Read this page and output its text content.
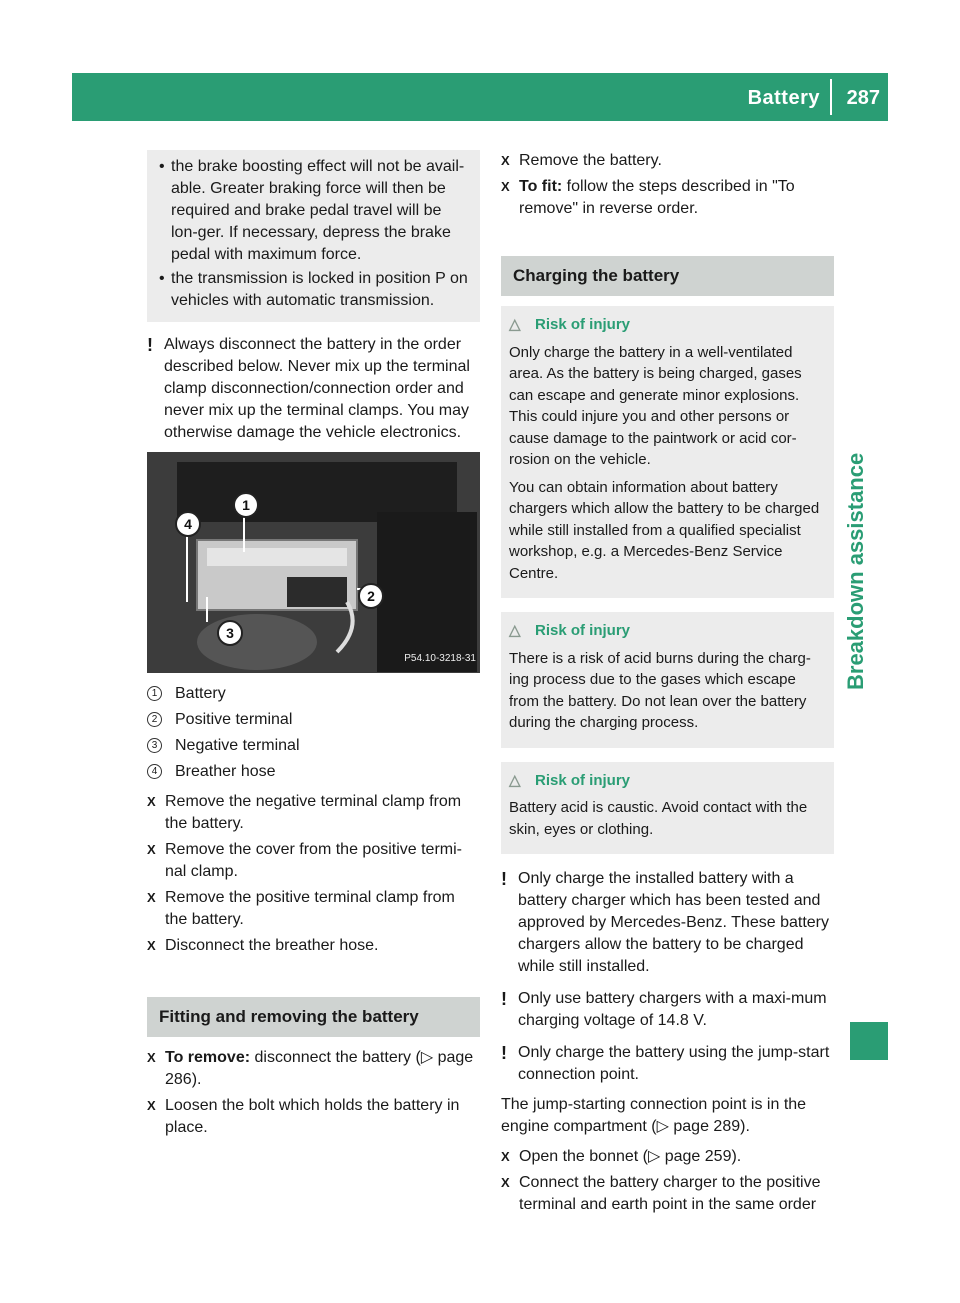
Battery 287
Breakdown assistance
• the brake boosting effect will not be avail-able. Greater braking force will then be required and brake pedal travel will be lon-ger. If necessary, depress the brake pedal with maximum force.
• the transmission is locked in position P on vehicles with automatic transmission.
! Always disconnect the battery in the order described below. Never mix up the terminal clamp disconnection/connection order and never mix up the terminal clamps. You may otherwise damage the vehicle electronics.
1
2
3
4
P54.10-3218-31
1 Battery
2 Positive terminal
3 Negative terminal
4 Breather hose
X Remove the negative terminal clamp from the battery.
X Remove the cover from the positive termi-nal clamp.
X Remove the positive terminal clamp from the battery.
X Disconnect the breather hose.
Fitting and removing the battery
X To remove: disconnect the battery (▷ page 286).
X Loosen the bolt which holds the battery in place.
X Remove the battery.
X To fit: follow the steps described in "To remove" in reverse order.
Charging the battery
△ Risk of injury

Only charge the battery in a well-ventilated area. As the battery is being charged, gases can escape and generate minor explosions. This could injure you and other persons or cause damage to the paintwork or acid cor-rosion on the vehicle.

You can obtain information about battery chargers which allow the battery to be charged while still installed from a qualified specialist workshop, e.g. a Mercedes-Benz Service Centre.

△ Risk of injury

There is a risk of acid burns during the charg-ing process due to the gases which escape from the battery. Do not lean over the battery during the charging process.

△ Risk of injury

Battery acid is caustic. Avoid contact with the skin, eyes or clothing.

! Only charge the installed battery with a battery charger which has been tested and approved by Mercedes-Benz. These battery chargers allow the battery to be charged while still installed.
! Only use battery chargers with a maxi-mum charging voltage of 14.8 V.
! Only charge the battery using the jump-start connection point.
The jump-starting connection point is in the engine compartment (▷ page 289).
X Open the bonnet (▷ page 259).
X Connect the battery charger to the positive terminal and earth point in the same order
